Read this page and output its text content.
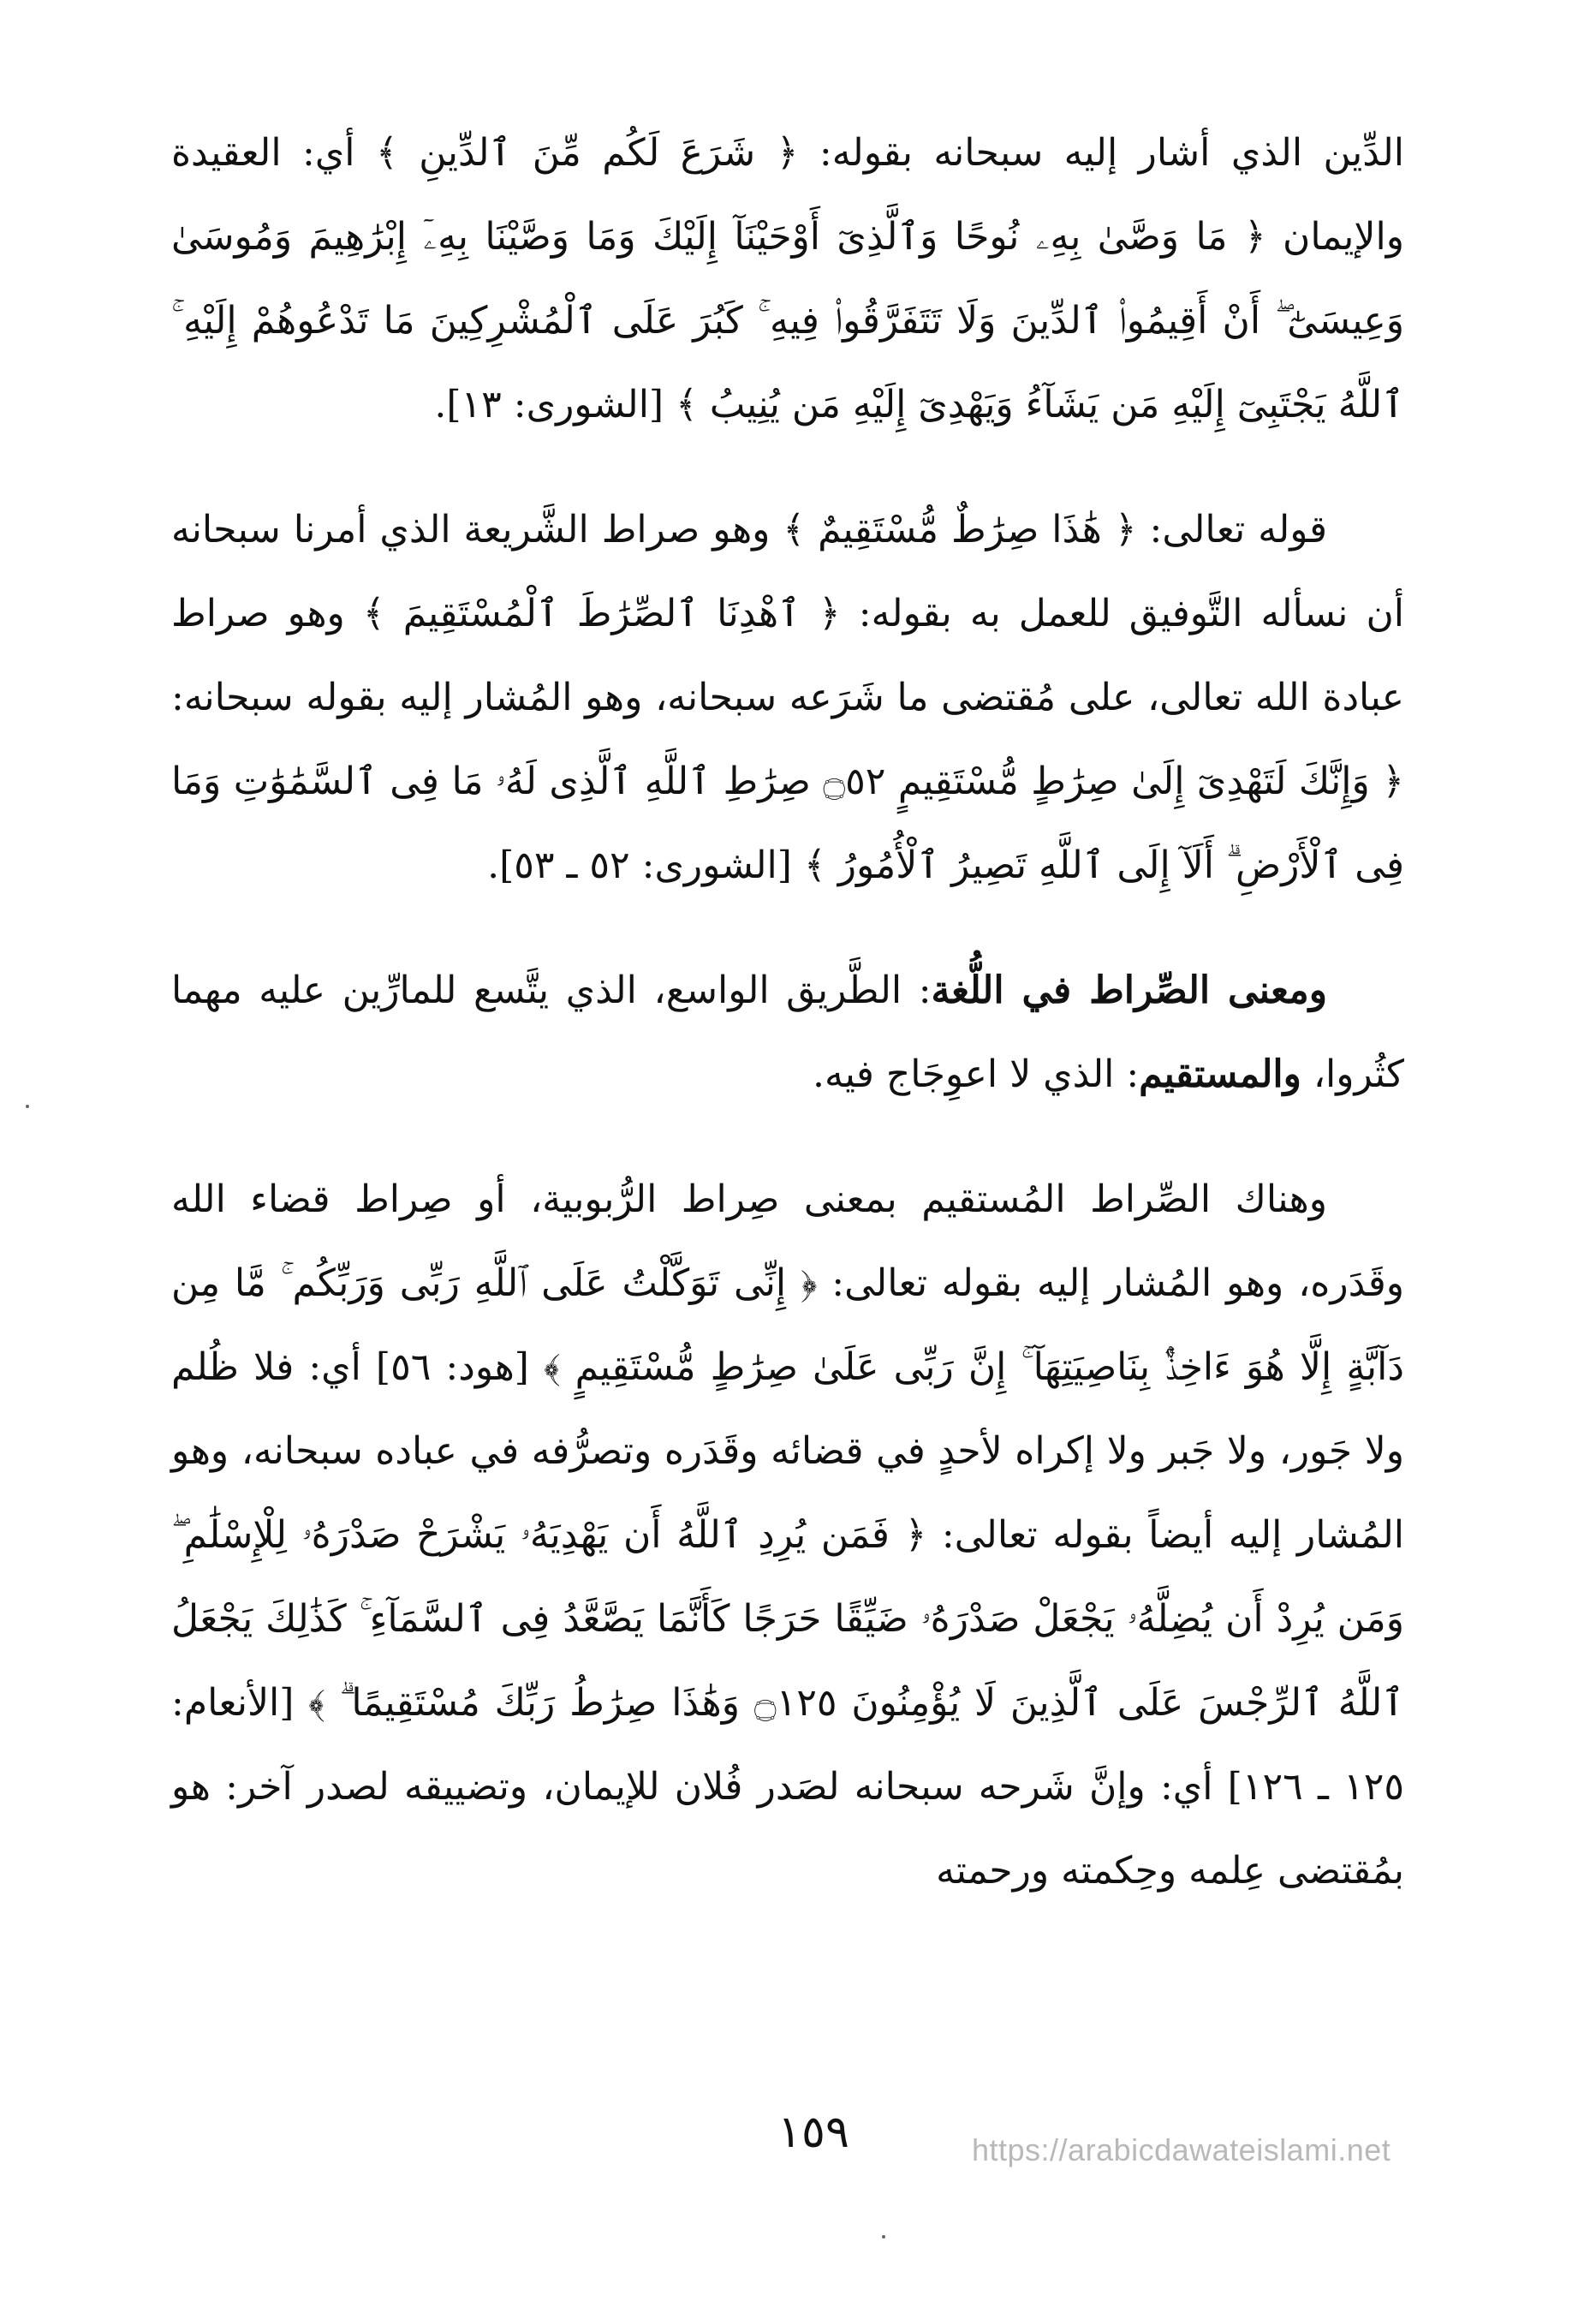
الدِّين الذي أشار إليه سبحانه بقوله: ﴿ شَرَعَ لَكُم مِّنَ ٱلدِّينِ ﴾ أي: العقيدة والإيمان ﴿ مَا وَصَّىٰ بِهِۦ نُوحًا وَٱلَّذِىٓ أَوْحَيْنَآ إِلَيْكَ وَمَا وَصَّيْنَا بِهِۦٓ إِبْرَٰهِيمَ وَمُوسَىٰ وَعِيسَىٰٓ ۖ أَنْ أَقِيمُوا۟ ٱلدِّينَ وَلَا تَتَفَرَّقُوا۟ فِيهِ ۚ كَبُرَ عَلَى ٱلْمُشْرِكِينَ مَا تَدْعُوهُمْ إِلَيْهِ ۚ ٱللَّهُ يَجْتَبِىٓ إِلَيْهِ مَن يَشَآءُ وَيَهْدِىٓ إِلَيْهِ مَن يُنِيبُ ﴾ [الشورى: ١٣].

قوله تعالى: ﴿ هَٰذَا صِرَٰطٌ مُّسْتَقِيمٌ ﴾ وهو صراط الشَّريعة الذي أمرنا سبحانه أن نسأله التَّوفيق للعمل به بقوله: ﴿ ٱهْدِنَا ٱلصِّرَٰطَ ٱلْمُسْتَقِيمَ ﴾ وهو صراط عبادة الله تعالى، على مُقتضى ما شَرَعه سبحانه، وهو المُشار إليه بقوله سبحانه: ﴿ وَإِنَّكَ لَتَهْدِىٓ إِلَىٰ صِرَٰطٍ مُّسْتَقِيمٍ ۝٥٢ صِرَٰطِ ٱللَّهِ ٱلَّذِى لَهُۥ مَا فِى ٱلسَّمَٰوَٰتِ وَمَا فِى ٱلْأَرْضِ ۗ أَلَآ إِلَى ٱللَّهِ تَصِيرُ ٱلْأُمُورُ ﴾ [الشورى: ٥٢ ـ ٥٣].

ومعنى الصِّراط في اللُّغة: الطَّريق الواسع، الذي يتَّسع للمارِّين عليه مهما كثُروا، والمستقيم: الذي لا اعوِجَاج فيه.

وهناك الصِّراط المُستقيم بمعنى صِراط الرُّبوبية، أو صِراط قضاء الله وقَدَره، وهو المُشار إليه بقوله تعالى: ﴿ إِنِّى تَوَكَّلْتُ عَلَى ٱللَّهِ رَبِّى وَرَبِّكُم ۚ مَّا مِن دَآبَّةٍ إِلَّا هُوَ ءَاخِذٌۢ بِنَاصِيَتِهَآ ۚ إِنَّ رَبِّى عَلَىٰ صِرَٰطٍ مُّسْتَقِيمٍ ﴾ [هود: ٥٦] أي: فلا ظُلم ولا جَور، ولا جَبر ولا إكراه لأحدٍ في قضائه وقَدَره وتصرُّفه في عباده سبحانه، وهو المُشار إليه أيضاً بقوله تعالى: ﴿ فَمَن يُرِدِ ٱللَّهُ أَن يَهْدِيَهُۥ يَشْرَحْ صَدْرَهُۥ لِلْإِسْلَٰمِ ۖ وَمَن يُرِدْ أَن يُضِلَّهُۥ يَجْعَلْ صَدْرَهُۥ ضَيِّقًا حَرَجًا كَأَنَّمَا يَصَّعَّدُ فِى ٱلسَّمَآءِ ۚ كَذَٰلِكَ يَجْعَلُ ٱللَّهُ ٱلرِّجْسَ عَلَى ٱلَّذِينَ لَا يُؤْمِنُونَ ۝١٢٥ وَهَٰذَا صِرَٰطُ رَبِّكَ مُسْتَقِيمًا ۗ ﴾ [الأنعام: ١٢٥ ـ ١٢٦] أي: وإنَّ شَرحه سبحانه لصَدر فُلان للإيمان، وتضييقه لصدر آخر: هو بمُقتضى عِلمه وحِكمته ورحمته

١٥٩	https://arabicdawateislami.net
